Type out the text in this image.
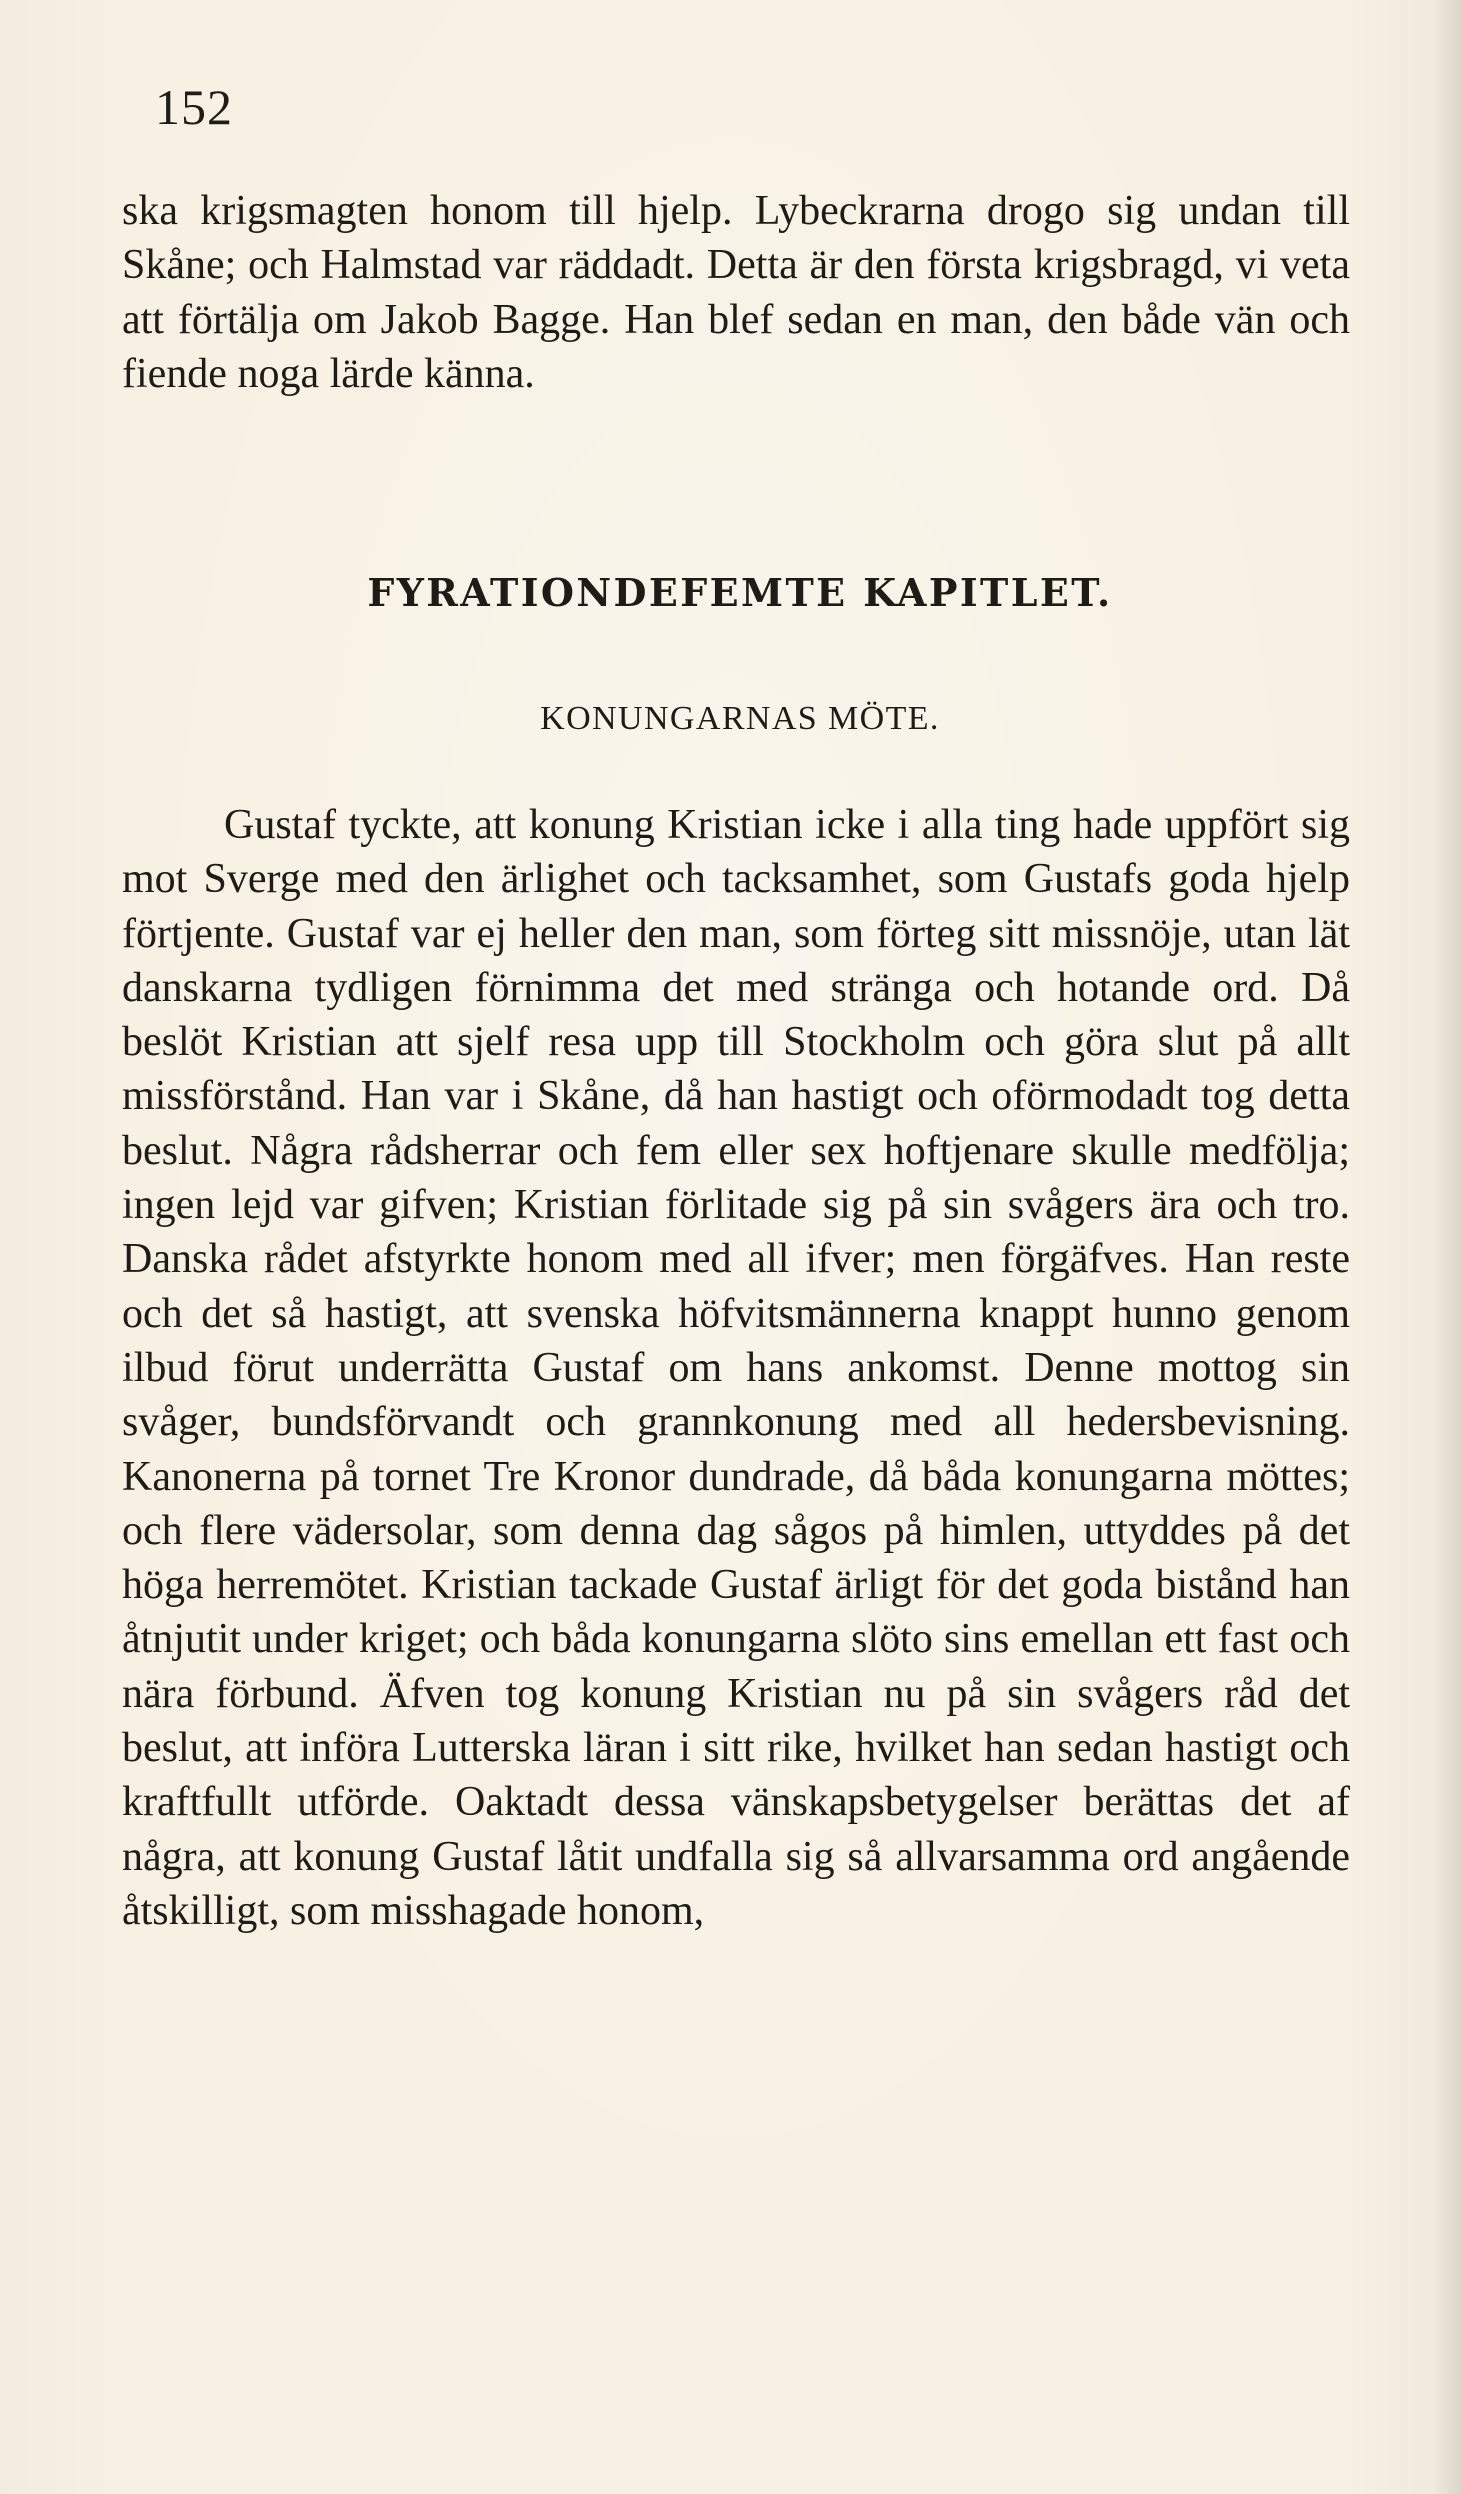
152
ska krigsmagten honom till hjelp. Lybeckrarna drogo sig undan till Skåne; och Halmstad var räddadt. Detta är den första krigsbragd, vi veta att förtälja om Jakob Bagge. Han blef sedan en man, den både vän och fiende noga lärde känna.
FYRATIONDEFEMTE KAPITLET.
KONUNGARNAS MÖTE.
Gustaf tyckte, att konung Kristian icke i alla ting hade uppfört sig mot Sverge med den ärlighet och tacksamhet, som Gustafs goda hjelp förtjente. Gustaf var ej heller den man, som förteg sitt missnöje, utan lät danskarna tydligen förnimma det med stränga och hotande ord. Då beslöt Kristian att sjelf resa upp till Stockholm och göra slut på allt missförstånd. Han var i Skåne, då han hastigt och oförmodadt tog detta beslut. Några rådsherrar och fem eller sex hoftjenare skulle medfölja; ingen lejd var gifven; Kristian förlitade sig på sin svågers ära och tro. Danska rådet afstyrkte honom med all ifver; men förgäfves. Han reste och det så hastigt, att svenska höfvitsmännerna knappt hunno genom ilbud förut underrätta Gustaf om hans ankomst. Denne mottog sin svåger, bundsförvandt och grannkonung med all hedersbevisning. Kanonerna på tornet Tre Kronor dundrade, då båda konungarna möttes; och flere vädersolar, som denna dag sågos på himlen, uttyddes på det höga herremötet. Kristian tackade Gustaf ärligt för det goda bistånd han åtnjutit under kriget; och båda konungarna slöto sins emellan ett fast och nära förbund. Äfven tog konung Kristian nu på sin svågers råd det beslut, att införa Lutterska läran i sitt rike, hvilket han sedan hastigt och kraftfullt utförde. Oaktadt dessa vänskapsbetygelser berättas det af några, att konung Gustaf låtit undfalla sig så allvarsamma ord angående åtskilligt, som misshagade honom,
